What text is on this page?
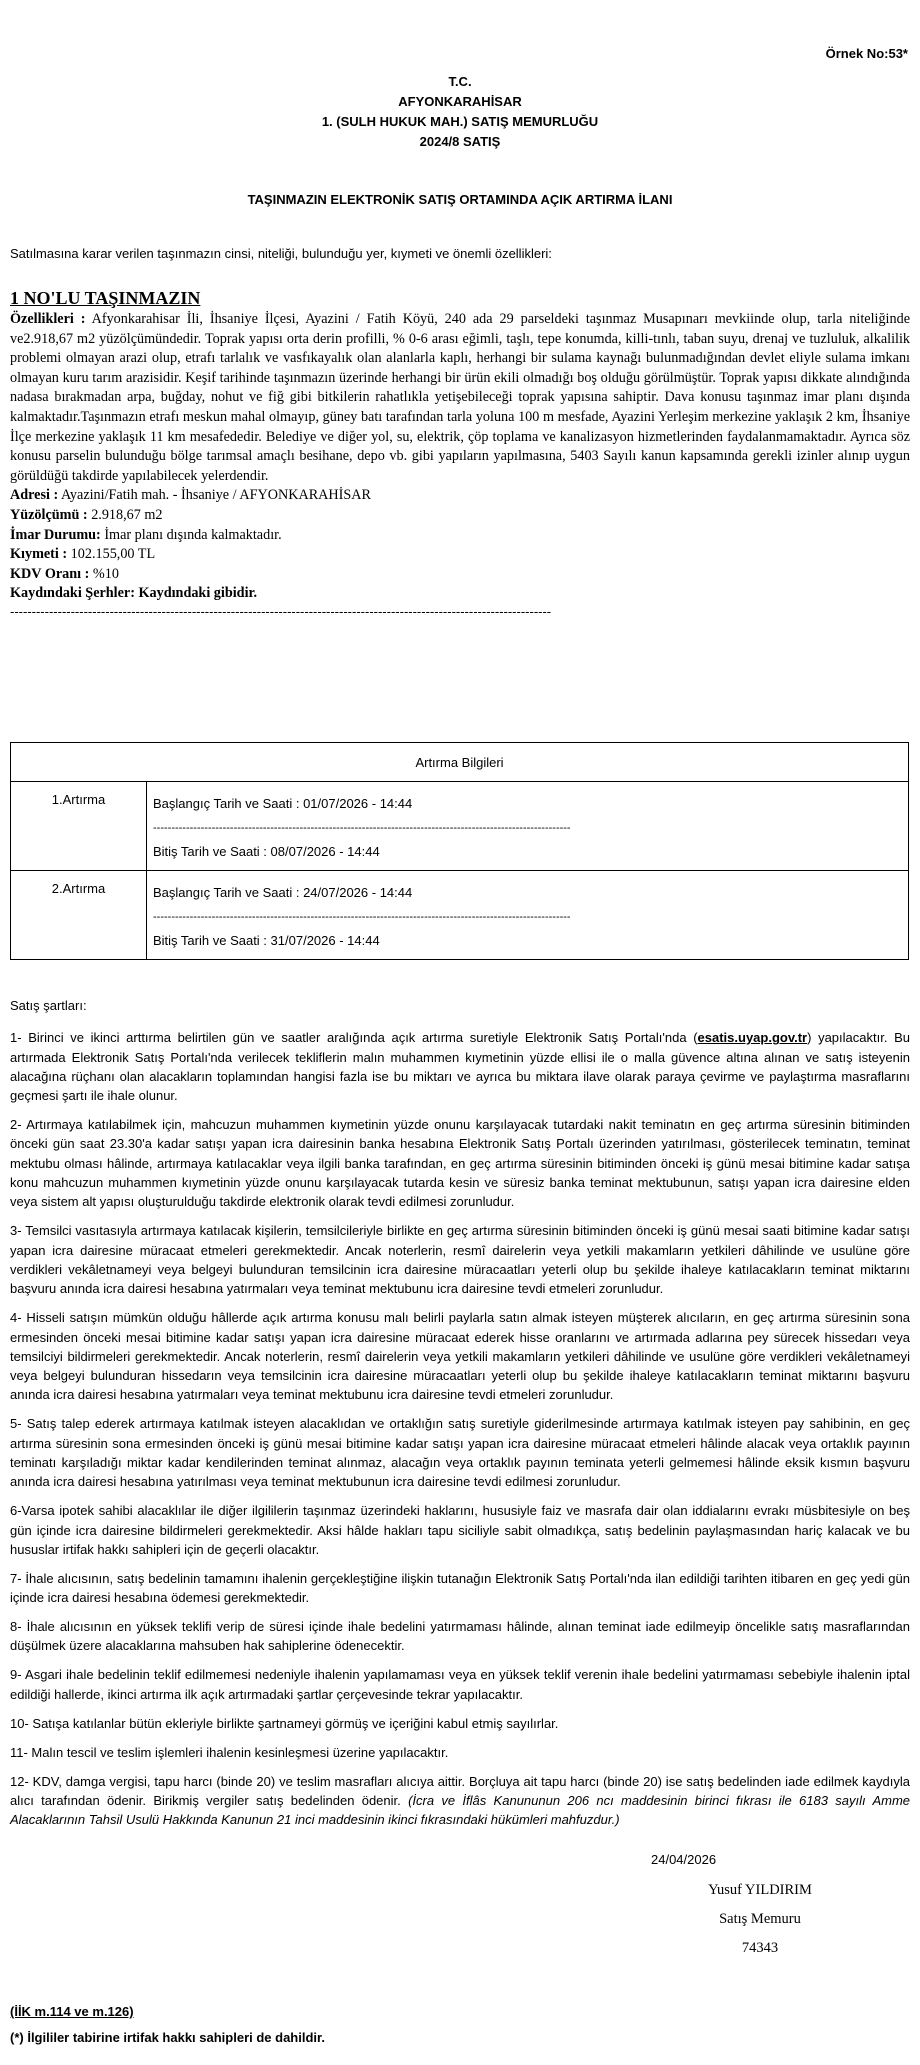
Örnek No:53*
T.C.
AFYONKARAHİSAR
1. (SULH HUKUK MAH.) SATIŞ MEMURLUĞU
2024/8 SATIŞ
TAŞINMAZIN ELEKTRONİK SATIŞ ORTAMINDA AÇIK ARTIRMA İLANI
Satılmasına karar verilen taşınmazın cinsi, niteliği, bulunduğu yer, kıymeti ve önemli özellikleri:
1 NO'LU TAŞINMAZIN

Özellikleri : Afyonkarahisar İli, İhsaniye İlçesi, Ayazini / Fatih Köyü, 240 ada 29 parseldeki taşınmaz Musapınarı mevkiinde olup, tarla niteliğinde ve2.918,67 m2 yüzölçümündedir. Toprak yapısı orta derin profilli, % 0-6 arası eğimli, taşlı, tepe konumda, killi-tınlı, taban suyu, drenaj ve tuzluluk, alkalilik problemi olmayan arazi olup, etrafı tarlalık ve vasfıkayalık olan alanlarla kaplı, herhangi bir sulama kaynağı bulunmadığından devlet eliyle sulama imkanı olmayan kuru tarım arazisidir. Keşif tarihinde taşınmazın üzerinde herhangi bir ürün ekili olmadığı boş olduğu görülmüştür. Toprak yapısı dikkate alındığında nadasa bırakmadan arpa, buğday, nohut ve fiğ gibi bitkilerin rahatlıkla yetişebileceği toprak yapısına sahiptir. Dava konusu taşınmaz imar planı dışında kalmaktadır.Taşınmazın etrafı meskun mahal olmayıp, güney batı tarafından tarla yoluna 100 m mesfade, Ayazini Yerleşim merkezine yaklaşık 2 km, İhsaniye İlçe merkezine yaklaşık 11 km mesafededir. Belediye ve diğer yol, su, elektrik, çöp toplama ve kanalizasyon hizmetlerinden faydalanmamaktadır. Ayrıca söz konusu parselin bulunduğu bölge tarımsal amaçlı besihane, depo vb. gibi yapıların yapılmasına, 5403 Sayılı kanun kapsamında gerekli izinler alınıp uygun görüldüğü takdirde yapılabilecek yelerdendir.

Adresi : Ayazini/Fatih mah. - İhsaniye / AFYONKARAHİSAR
Yüzölçümü : 2.918,67 m2
İmar Durumu: İmar planı dışında kalmaktadır.
Kıymeti : 102.155,00 TL
KDV Oranı : %10
Kaydındaki Şerhler: Kaydındaki gibidir.
-----------------------------------------------------------------------------------------------------------------------------
Artırma Bilgileri	
1.Artırma	Başlangıç Tarih ve Saati : 01/07/2026 - 14:44
------------------------------------------------------------------------------------------------------------------
Bitiş Tarih ve Saati : 08/07/2026 - 14:44

2.Artırma	Başlangıç Tarih ve Saati : 24/07/2026 - 14:44
------------------------------------------------------------------------------------------------------------------
Bitiş Tarih ve Saati : 31/07/2026 - 14:44

Satış şartları:

1- Birinci ve ikinci arttırma belirtilen gün ve saatler aralığında açık artırma suretiyle Elektronik Satış Portalı'nda (esatis.uyap.gov.tr) yapılacaktır. Bu artırmada Elektronik Satış Portalı'nda verilecek tekliflerin malın muhammen kıymetinin yüzde ellisi ile o malla güvence altına alınan ve satış isteyenin alacağına rüçhanı olan alacakların toplamından hangisi fazla ise bu miktarı ve ayrıca bu miktara ilave olarak paraya çevirme ve paylaştırma masraflarını geçmesi şartı ile ihale olunur.

2- Artırmaya katılabilmek için, mahcuzun muhammen kıymetinin yüzde onunu karşılayacak tutardaki nakit teminatın en geç artırma süresinin bitiminden önceki gün saat 23.30'a kadar satışı yapan icra dairesinin banka hesabına Elektronik Satış Portalı üzerinden yatırılması, gösterilecek teminatın, teminat mektubu olması hâlinde, artırmaya katılacaklar veya ilgili banka tarafından, en geç artırma süresinin bitiminden önceki iş günü mesai bitimine kadar satışa konu mahcuzun muhammen kıymetinin yüzde onunu karşılayacak tutarda kesin ve süresiz banka teminat mektubunun, satışı yapan icra dairesine elden veya sistem alt yapısı oluşturulduğu takdirde elektronik olarak tevdi edilmesi zorunludur.

3- Temsilci vasıtasıyla artırmaya katılacak kişilerin, temsilcileriyle birlikte en geç artırma süresinin bitiminden önceki iş günü mesai saati bitimine kadar satışı yapan icra dairesine müracaat etmeleri gerekmektedir. Ancak noterlerin, resmî dairelerin veya yetkili makamların yetkileri dâhilinde ve usulüne göre verdikleri vekâletnameyi veya belgeyi bulunduran temsilcinin icra dairesine müracaatları yeterli olup bu şekilde ihaleye katılacakların teminat miktarını başvuru anında icra dairesi hesabına yatırmaları veya teminat mektubunu icra dairesine tevdi etmeleri zorunludur.

4- Hisseli satışın mümkün olduğu hâllerde açık artırma konusu malı belirli paylarla satın almak isteyen müşterek alıcıların, en geç artırma süresinin sona ermesinden önceki mesai bitimine kadar satışı yapan icra dairesine müracaat ederek hisse oranlarını ve artırmada adlarına pey sürecek hissedarı veya temsilciyi bildirmeleri gerekmektedir. Ancak noterlerin, resmî dairelerin veya yetkili makamların yetkileri dâhilinde ve usulüne göre verdikleri vekâletnameyi veya belgeyi bulunduran hissedarın veya temsilcinin icra dairesine müracaatları yeterli olup bu şekilde ihaleye katılacakların teminat miktarını başvuru anında icra dairesi hesabına yatırmaları veya teminat mektubunu icra dairesine tevdi etmeleri zorunludur.

5- Satış talep ederek artırmaya katılmak isteyen alacaklıdan ve ortaklığın satış suretiyle giderilmesinde artırmaya katılmak isteyen pay sahibinin, en geç artırma süresinin sona ermesinden önceki iş günü mesai bitimine kadar satışı yapan icra dairesine müracaat etmeleri hâlinde alacak veya ortaklık payının teminatı karşıladığı miktar kadar kendilerinden teminat alınmaz, alacağın veya ortaklık payının teminata yeterli gelmemesi hâlinde eksik kısmın başvuru anında icra dairesi hesabına yatırılması veya teminat mektubunun icra dairesine tevdi edilmesi zorunludur.

6-Varsa ipotek sahibi alacaklılar ile diğer ilgililerin taşınmaz üzerindeki haklarını, hususiyle faiz ve masrafa dair olan iddialarını evrakı müsbitesiyle on beş gün içinde icra dairesine bildirmeleri gerekmektedir. Aksi hâlde hakları tapu siciliyle sabit olmadıkça, satış bedelinin paylaşmasından hariç kalacak ve bu hususlar irtifak hakkı sahipleri için de geçerli olacaktır.

7- İhale alıcısının, satış bedelinin tamamını ihalenin gerçekleştiğine ilişkin tutanağın Elektronik Satış Portalı'nda ilan edildiği tarihten itibaren en geç yedi gün içinde icra dairesi hesabına ödemesi gerekmektedir.

8- İhale alıcısının en yüksek teklifi verip de süresi içinde ihale bedelini yatırmaması hâlinde, alınan teminat iade edilmeyip öncelikle satış masraflarından düşülmek üzere alacaklarına mahsuben hak sahiplerine ödenecektir.

9- Asgari ihale bedelinin teklif edilmemesi nedeniyle ihalenin yapılamaması veya en yüksek teklif verenin ihale bedelini yatırmaması sebebiyle ihalenin iptal edildiği hallerde, ikinci artırma ilk açık artırmadaki şartlar çerçevesinde tekrar yapılacaktır.

10- Satışa katılanlar bütün ekleriyle birlikte şartnameyi görmüş ve içeriğini kabul etmiş sayılırlar.

11- Malın tescil ve teslim işlemleri ihalenin kesinleşmesi üzerine yapılacaktır.

12- KDV, damga vergisi, tapu harcı (binde 20) ve teslim masrafları alıcıya aittir. Borçluya ait tapu harcı (binde 20) ise satış bedelinden iade edilmek kaydıyla alıcı tarafından ödenir. Birikmiş vergiler satış bedelinden ödenir. (İcra ve İflâs Kanununun 206 ncı maddesinin birinci fıkrası ile 6183 sayılı Amme Alacaklarının Tahsil Usulü Hakkında Kanunun 21 inci maddesinin ikinci fıkrasındaki hükümleri mahfuzdur.)

24/04/2026
Yusuf YILDIRIM
Satış Memuru
74343
(İİK m.114 ve m.126)
(*) İlgililer tabirine irtifak hakkı sahipleri de dahildir.
